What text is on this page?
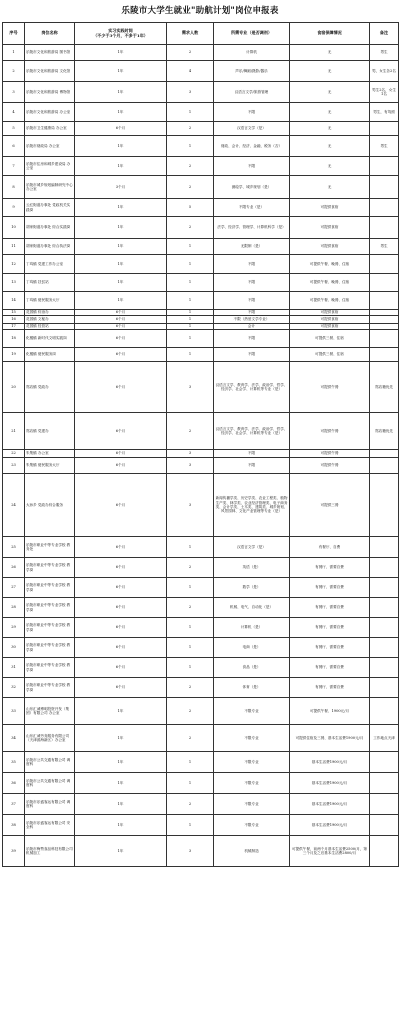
乐陵市大学生就业"助航计划"岗位申报表
序号	岗位名称	实习实践时间
（不少于3个月，不多于1年）	需求人数	所需专业（是否调剂）	食宿保障情况	备注
1	乐陵市文化和旅游局 图书馆	1年	2	计算机	无	男生
2	乐陵市文化和旅游局 文化馆	1年	4	声乐/舞蹈/摄影/器乐	无	男，女生各2名
3	乐陵市文化和旅游局 博物馆	1年	3	汉语言文学/旅游管理	无	男生2名，女生1名
4	乐陵市文化和旅游局 办公室	1年	1	不限	无	男生，有驾照
5	乐陵市卫生健康局 办公室	6个月	2	汉语言文学（是）	无	
6	乐陵市财政局 办公室	1年	1	财政、会计、经济、金融、税务（否）	无	男生
7	乐陵市住房和城乡建设局 办公室	1年	2	不限	无	
8	乐陵市城乡规划编制研究中心 办公室	3个月	2	测绘学、城乡规划（是）	无	
9	云红街道办事处 党政机关实践岗	1年	5	不限专业（是）	可提供食宿	
10	胡家街道办事处 综合实践岗	1年	2	法学、经济学、管理学、计算机科学（是）	可提供食宿	
11	胡家街道办事处 综合执法岗	1年	1	无限制（是）	可提供食宿	男生
12	丁坞镇 党建工作办公室	1年	1	不限	可提供午餐、晚餐、住宿	
13	丁坞镇 扶贫站	1年	1	不限	可提供午餐、晚餐、住宿	
14	丁坞镇 便民服务大厅	1年	1	不限	可提供午餐、晚餐、住宿	
15	花园镇 综治办	6个月	1	不限	可提供食宿	
16	花园镇 文秘办	6个月	1	不限（热爱文学专业）	可提供食宿	
17	花园镇 经管站	6个月	1	会计	可提供食宿	
18	化楼镇 新时代文明实践岗	6个月	1	不限	可提供三餐、住宿	
19	化楼镇 便民服务岗	6个月	1	不限	可提供三餐、住宿	
20	郑店镇 党政办	6个月	3	汉语言文学、教育学、法学、政治学、哲学、经济学、社会学、计算机等专业（是）	可提供午餐	郑店籍优先
21	郑店镇 党建办	6个月	2	汉语言文学、教育学、法学、政治学、哲学、经济学、社会学、计算机等专业（是）	可提供午餐	郑店籍优先
22	朱集镇 办公室	6个月	3	不限	可提供午餐	
23	朱集镇 便民服务大厅	6个月	3	不限	可提供午餐	
24	大孙乡 党政办综合服务	6个月	3	新闻传播学类、历史学类、农业工程类、植物生产类、林学类、农业经济管理类、电子商务类、会计学类、土木类、建筑类、城乡规划、风景园林、文化产业管理等专业（是）	可提供三餐	
25	乐陵市职业中等专业学校 教务处	6个月	1	汉语言文学（是）	有餐厅、自费	
26	乐陵市职业中等专业学校 教学岗	6个月	2	英语（是）	有餐厅、需要自费	
27	乐陵市职业中等专业学校 教学岗	6个月	1	数学（是）	有餐厅、需要自费	
28	乐陵市职业中等专业学校 教学岗	6个月	2	机械、电气、自动化（是）	有餐厅、需要自费	
29	乐陵市职业中等专业学校 教学岗	6个月	1	计算机（是）	有餐厅、需要自费	
30	乐陵市职业中等专业学校 教学岗	6个月	1	电商（是）	有餐厅、需要自费	
31	乐陵市职业中等专业学校 教学岗	6个月	1	食品（是）	有餐厅、需要自费	
32	乐陵市职业中等专业学校 教学岗	6个月	2	体育（是）	有餐厅、需要自费	
33	山东汇诚博明投资开发（集团）有限公司 办公室	1年	2	不限专业	可提供午餐、1900元/月	
34	山东汇诚劳务服务有限公司（天津滨海新区）办公室	1年	2	不限专业	可提供住宿及三餐、基本生活费1900元/月	工作地点天津
35	乐陵市公共交通有限公司 调度科	1年	1	不限专业	基本生活费1900元/月	
36	乐陵市公共交通有限公司 调度科	1年	1	不限专业	基本生活费1900元/月	
37	乐陵市乐盛客运有限公司 调度科	1年	2	不限专业	基本生活费1900元/月	
38	乐陵市乐盛客运有限公司 安全科	1年	1	不限专业	基本生活费1900元/月	
39	乐陵市梅赞食品科技有限公司 机械加工	1年	3	机械制造	可提供午餐，前两个月基本生活费2500/月，第三个月及之后基本生活费2800/月	
